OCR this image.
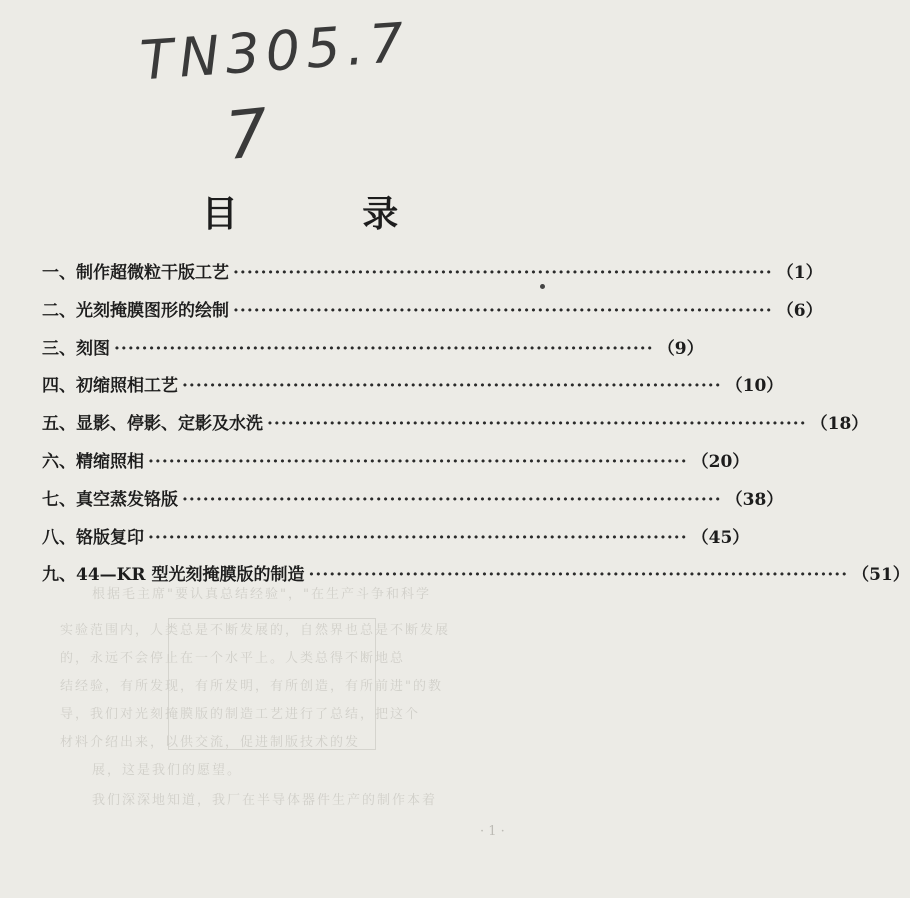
根据毛主席"要认真总结经验"，"在生产斗争和科学
实验范围内，人类总是不断发展的，自然界也总是不断发展
的，永远不会停止在一个水平上。人类总得不断地总
结经验，有所发现，有所发明，有所创造，有所前进"的教
导，我们对光刻掩膜版的制造工艺进行了总结，把这个
材料介绍出来，以供交流，促进制版技术的发
展，这是我们的愿望。
我们深深地知道，我厂在半导体器件生产的制作本着
TN305.7
7
目 录
一、制作超微粒干版工艺 ·············································································· （1）
二、光刻掩膜图形的绘制 ·············································································· （6）
三、刻图 ·············································································· （9）
四、初缩照相工艺 ·············································································· （10）
五、显影、停影、定影及水洗 ·············································································· （18）
六、精缩照相 ·············································································· （20）
七、真空蒸发铬版 ·············································································· （38）
八、铬版复印 ·············································································· （45）
九、44—KR 型光刻掩膜版的制造 ·············································································· （51）
· 1 ·
